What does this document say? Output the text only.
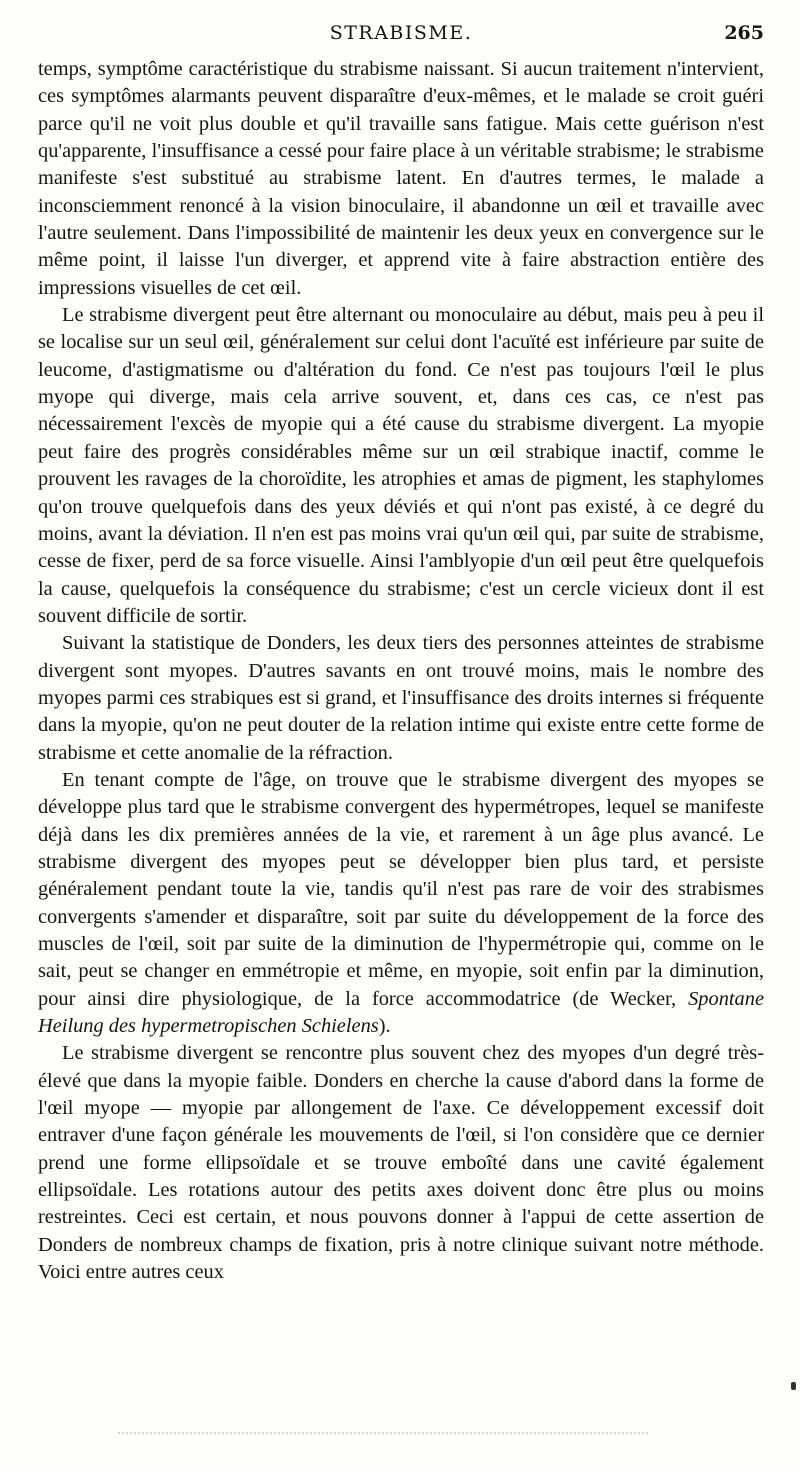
STRABISME.	265

temps, symptôme caractéristique du strabisme naissant. Si aucun traitement n'intervient, ces symptômes alarmants peuvent disparaître d'eux-mêmes, et le malade se croit guéri parce qu'il ne voit plus double et qu'il travaille sans fatigue. Mais cette guérison n'est qu'apparente, l'insuffisance a cessé pour faire place à un véritable strabisme; le strabisme manifeste s'est substitué au strabisme latent. En d'autres termes, le malade a inconsciemment renoncé à la vision binoculaire, il abandonne un œil et travaille avec l'autre seulement. Dans l'impossibilité de maintenir les deux yeux en convergence sur le même point, il laisse l'un diverger, et apprend vite à faire abstraction entière des impressions visuelles de cet œil.

Le strabisme divergent peut être alternant ou monoculaire au début, mais peu à peu il se localise sur un seul œil, généralement sur celui dont l'acuïté est inférieure par suite de leucome, d'astigmatisme ou d'altération du fond. Ce n'est pas toujours l'œil le plus myope qui diverge, mais cela arrive souvent, et, dans ces cas, ce n'est pas nécessairement l'excès de myopie qui a été cause du strabisme divergent. La myopie peut faire des progrès considérables même sur un œil strabique inactif, comme le prouvent les ravages de la choroïdite, les atrophies et amas de pigment, les staphylomes qu'on trouve quelquefois dans des yeux déviés et qui n'ont pas existé, à ce degré du moins, avant la déviation. Il n'en est pas moins vrai qu'un œil qui, par suite de strabisme, cesse de fixer, perd de sa force visuelle. Ainsi l'amblyopie d'un œil peut être quelquefois la cause, quelquefois la conséquence du strabisme; c'est un cercle vicieux dont il est souvent difficile de sortir.

Suivant la statistique de Donders, les deux tiers des personnes atteintes de strabisme divergent sont myopes. D'autres savants en ont trouvé moins, mais le nombre des myopes parmi ces strabiques est si grand, et l'insuffisance des droits internes si fréquente dans la myopie, qu'on ne peut douter de la relation intime qui existe entre cette forme de strabisme et cette anomalie de la réfraction.

En tenant compte de l'âge, on trouve que le strabisme divergent des myopes se développe plus tard que le strabisme convergent des hypermétropes, lequel se manifeste déjà dans les dix premières années de la vie, et rarement à un âge plus avancé. Le strabisme divergent des myopes peut se développer bien plus tard, et persiste généralement pendant toute la vie, tandis qu'il n'est pas rare de voir des strabismes convergents s'amender et disparaître, soit par suite du développement de la force des muscles de l'œil, soit par suite de la diminution de l'hypermétropie qui, comme on le sait, peut se changer en emmétropie et même, en myopie, soit enfin par la diminution, pour ainsi dire physiologique, de la force accommodatrice (de Wecker, Spontane Heilung des hypermetropischen Schielens).

Le strabisme divergent se rencontre plus souvent chez des myopes d'un degré très-élevé que dans la myopie faible. Donders en cherche la cause d'abord dans la forme de l'œil myope — myopie par allongement de l'axe. Ce développement excessif doit entraver d'une façon générale les mouvements de l'œil, si l'on considère que ce dernier prend une forme ellipsoïdale et se trouve emboîté dans une cavité également ellipsoïdale. Les rotations autour des petits axes doivent donc être plus ou moins restreintes. Ceci est certain, et nous pouvons donner à l'appui de cette assertion de Donders de nombreux champs de fixation, pris à notre clinique suivant notre méthode. Voici entre autres ceux
